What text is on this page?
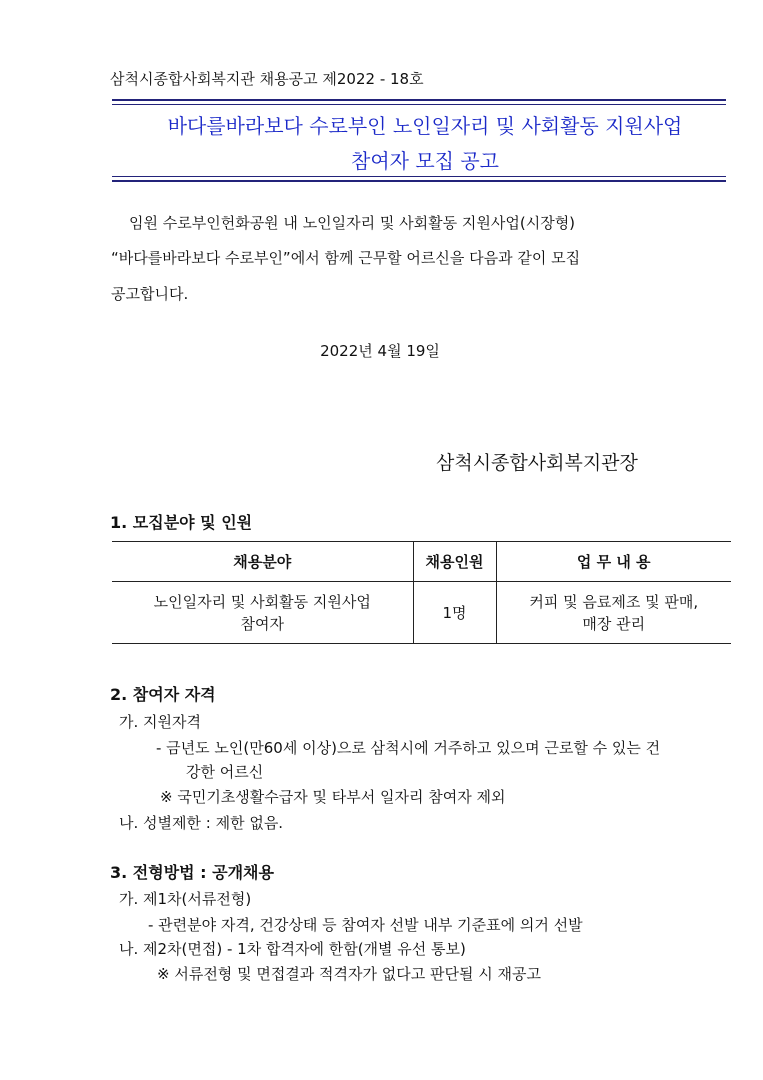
삼척시종합사회복지관 채용공고 제2022 - 18호
바다를바라보다 수로부인 노인일자리 및 사회활동 지원사업
참여자 모집 공고
임원 수로부인헌화공원 내 노인일자리 및 사회활동 지원사업(시장형)
“바다를바라보다 수로부인”에서 함께 근무할 어르신을 다음과 같이 모집
공고합니다.
2022년 4월 19일
삼척시종합사회복지관장
1. 모집분야 및 인원
채용분야	채용인원	업 무 내 용

노인일자리 및 사회활동 지원사업
참여자	1명	커피 및 음료제조 및 판매,
매장 관리
2. 참여자 자격
가. 지원자격
- 금년도 노인(만60세 이상)으로 삼척시에 거주하고 있으며 근로할 수 있는 건
강한 어르신
※ 국민기초생활수급자 및 타부서 일자리 참여자 제외
나. 성별제한 : 제한 없음.
3. 전형방법 : 공개채용
가. 제1차(서류전형)
- 관련분야 자격, 건강상태 등 참여자 선발 내부 기준표에 의거 선발
나. 제2차(면접) - 1차 합격자에 한함(개별 유선 통보)
※ 서류전형 및 면접결과 적격자가 없다고 판단될 시 재공고
